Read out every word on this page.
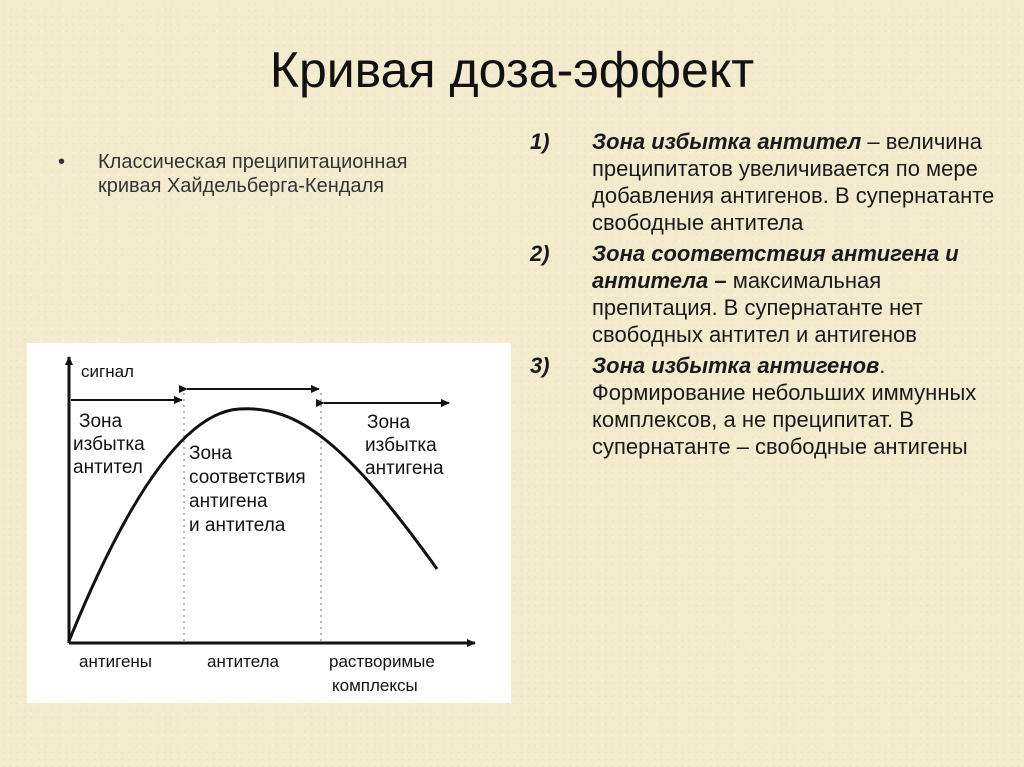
Кривая доза-эффект
• Классическая преципитационная кривая Хайдельберга-Кендаля
сигнал
Зона
избытка
антител
Зона
соответствия
антигена
и антитела
Зона
избытка
антигена
антигены	антитела	растворимые
комплексы
1) Зона избытка антител – величина преципитатов увеличивается по мере добавления антигенов. В супернатанте свободные антитела
2) Зона соответствия антигена и антитела – максимальная препитация. В супернатанте нет свободных антител и антигенов
3) Зона избытка антигенов. Формирование небольших иммунных комплексов, а не преципитат. В супернатанте – свободные антигены
